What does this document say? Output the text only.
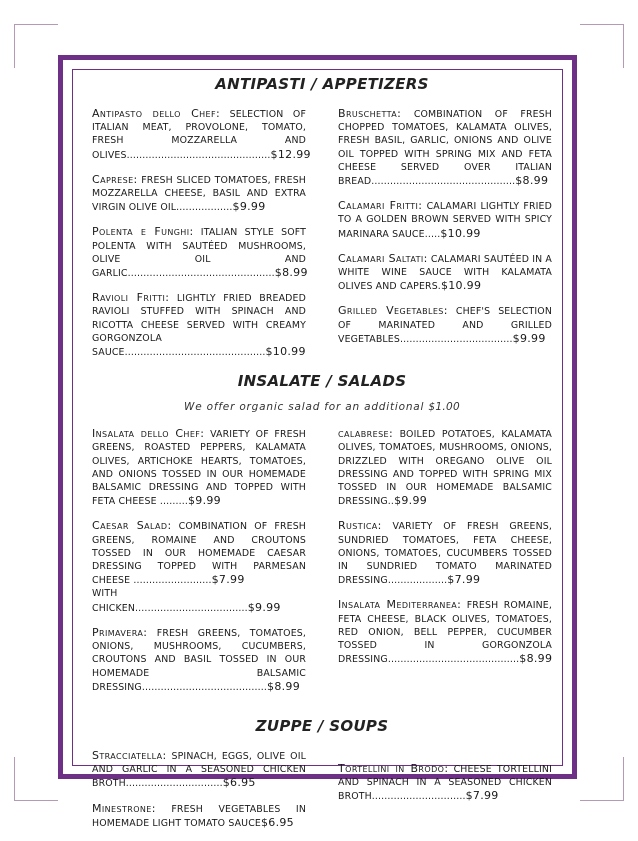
ANTIPASTI / APPETIZERS

Antipasto dello Chef: SELECTION OF ITALIAN MEAT, PROVOLONE, TOMATO, FRESH MOZZARELLA AND OLIVES..............................................$12.99

Caprese: FRESH SLICED TOMATOES, FRESH MOZZARELLA CHEESE, BASIL AND EXTRA VIRGIN OLIVE OIL..................$9.99

Polenta e Funghi: ITALIAN STYLE SOFT POLENTA WITH SAUTÉED MUSHROOMS, OLIVE OIL AND GARLIC...............................................$8.99

Ravioli Fritti: LIGHTLY FRIED BREADED RAVIOLI STUFFED WITH SPINACH AND RICOTTA CHEESE SERVED WITH CREAMY GORGONZOLA SAUCE.............................................$10.99

Bruschetta: COMBINATION OF FRESH CHOPPED TOMATOES, KALAMATA OLIVES, FRESH BASIL, GARLIC, ONIONS AND OLIVE OIL TOPPED WITH SPRING MIX AND FETA CHEESE SERVED OVER ITALIAN BREAD..............................................$8.99

Calamari Fritti: CALAMARI LIGHTLY FRIED TO A GOLDEN BROWN SERVED WITH SPICY MARINARA SAUCE.....$10.99

Calamari Saltati: CALAMARI SAUTÉED IN A WHITE WINE SAUCE WITH KALAMATA OLIVES AND CAPERS.$10.99

Grilled Vegetables: CHEF'S SELECTION OF MARINATED AND GRILLED VEGETABLES....................................$9.99

INSALATE / SALADS

We offer organic salad for an additional $1.00

Insalata dello Chef: VARIETY OF FRESH GREENS, ROASTED PEPPERS, KALAMATA OLIVES, ARTICHOKE HEARTS, TOMATOES, AND ONIONS TOSSED IN OUR HOMEMADE BALSAMIC DRESSING AND TOPPED WITH FETA CHEESE .........$9.99

Caesar Salad: COMBINATION OF FRESH GREENS, ROMAINE AND CROUTONS TOSSED IN OUR HOMEMADE CAESAR DRESSING TOPPED WITH PARMESAN CHEESE .........................$7.99
WITH CHICKEN....................................$9.99

Primavera: FRESH GREENS, TOMATOES, ONIONS, MUSHROOMS, CUCUMBERS, CROUTONS AND BASIL TOSSED IN OUR HOMEMADE BALSAMIC DRESSING........................................$8.99

calabrese: BOILED POTATOES, KALAMATA OLIVES, TOMATOES, MUSHROOMS, ONIONS, DRIZZLED WITH OREGANO OLIVE OIL DRESSING AND TOPPED WITH SPRING MIX TOSSED IN OUR HOMEMADE BALSAMIC DRESSING..$9.99

Rustica: VARIETY OF FRESH GREENS, SUNDRIED TOMATOES, FETA CHEESE, ONIONS, TOMATOES, CUCUMBERS TOSSED IN SUNDRIED TOMATO MARINATED DRESSING...................$7.99

Insalata Mediterranea: FRESH ROMAINE, FETA CHEESE, BLACK OLIVES, TOMATOES, RED ONION, BELL PEPPER, CUCUMBER TOSSED IN GORGONZOLA DRESSING..........................................$8.99

ZUPPE / SOUPS

Stracciatella: SPINACH, EGGS, OLIVE OIL AND GARLIC IN A SEASONED CHICKEN BROTH...............................$6.95

Minestrone: FRESH VEGETABLES IN HOMEMADE LIGHT TOMATO SAUCE$6.95

Tortellini in Brodo: CHEESE TORTELLINI AND SPINACH IN A SEASONED CHICKEN BROTH..............................$7.99
